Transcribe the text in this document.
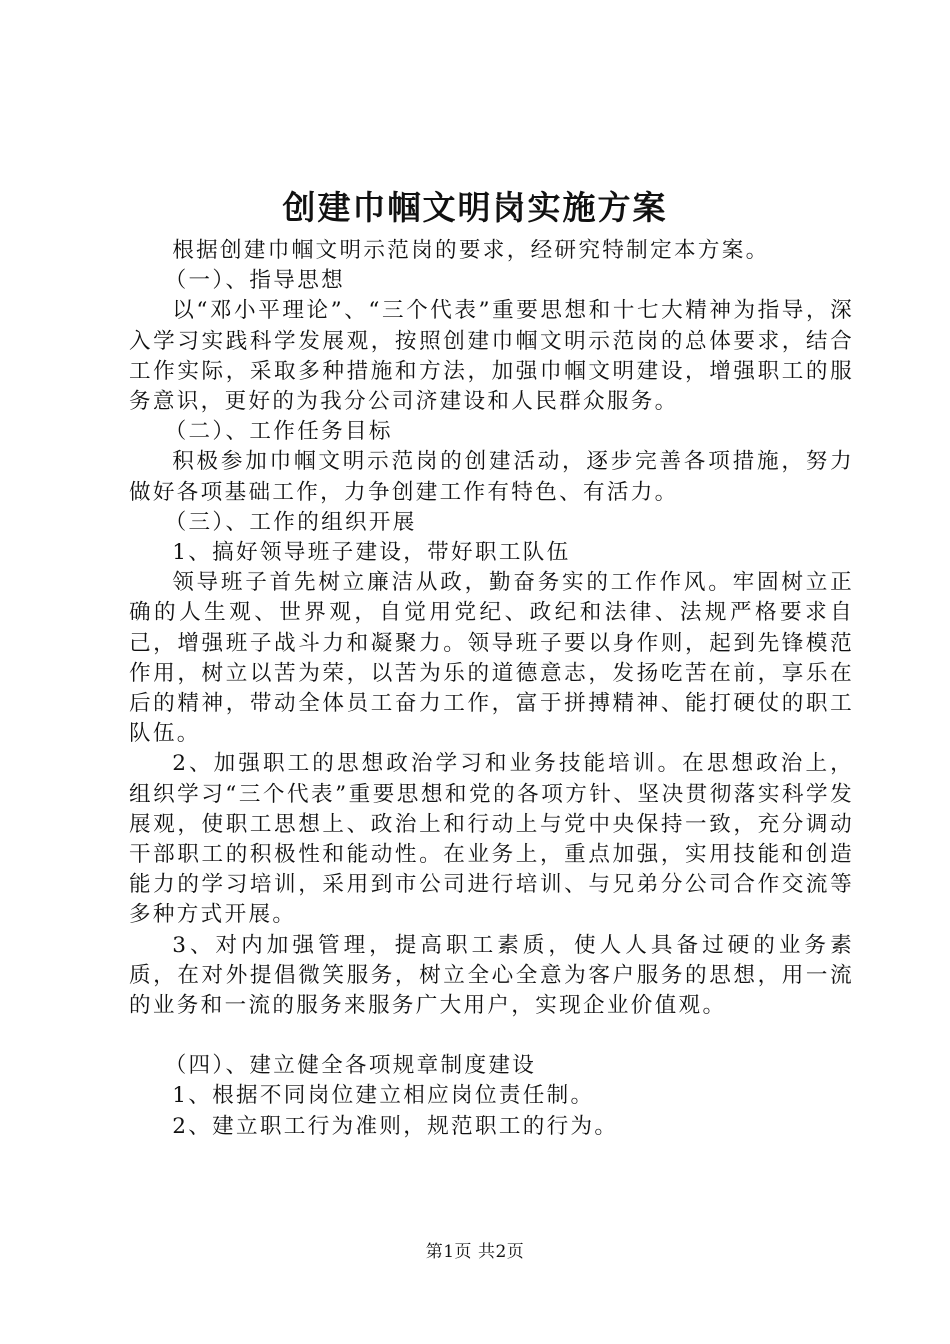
创建巾帼文明岗实施方案

根据创建巾帼文明示范岗的要求，经研究特制定本方案。

（一）、指导思想

以“邓小平理论”、“三个代表”重要思想和十七大精神为指导，深入学习实践科学发展观，按照创建巾帼文明示范岗的总体要求，结合工作实际，采取多种措施和方法，加强巾帼文明建设，增强职工的服务意识，更好的为我分公司济建设和人民群众服务。

（二）、工作任务目标

积极参加巾帼文明示范岗的创建活动，逐步完善各项措施，努力做好各项基础工作，力争创建工作有特色、有活力。

（三）、工作的组织开展

1、搞好领导班子建设，带好职工队伍

领导班子首先树立廉洁从政，勤奋务实的工作作风。牢固树立正确的人生观、世界观，自觉用党纪、政纪和法律、法规严格要求自己，增强班子战斗力和凝聚力。领导班子要以身作则，起到先锋模范作用，树立以苦为荣，以苦为乐的道德意志，发扬吃苦在前，享乐在后的精神，带动全体员工奋力工作，富于拼搏精神、能打硬仗的职工队伍。

2、加强职工的思想政治学习和业务技能培训。在思想政治上，组织学习“三个代表”重要思想和党的各项方针、坚决贯彻落实科学发展观，使职工思想上、政治上和行动上与党中央保持一致，充分调动干部职工的积极性和能动性。在业务上，重点加强，实用技能和创造能力的学习培训，采用到市公司进行培训、与兄弟分公司合作交流等多种方式开展。

3、对内加强管理，提高职工素质，使人人具备过硬的业务素质，在对外提倡微笑服务，树立全心全意为客户服务的思想，用一流的业务和一流的服务来服务广大用户，实现企业价值观。

（四）、建立健全各项规章制度建设

1、根据不同岗位建立相应岗位责任制。

2、建立职工行为准则，规范职工的行为。

第1页 共2页
